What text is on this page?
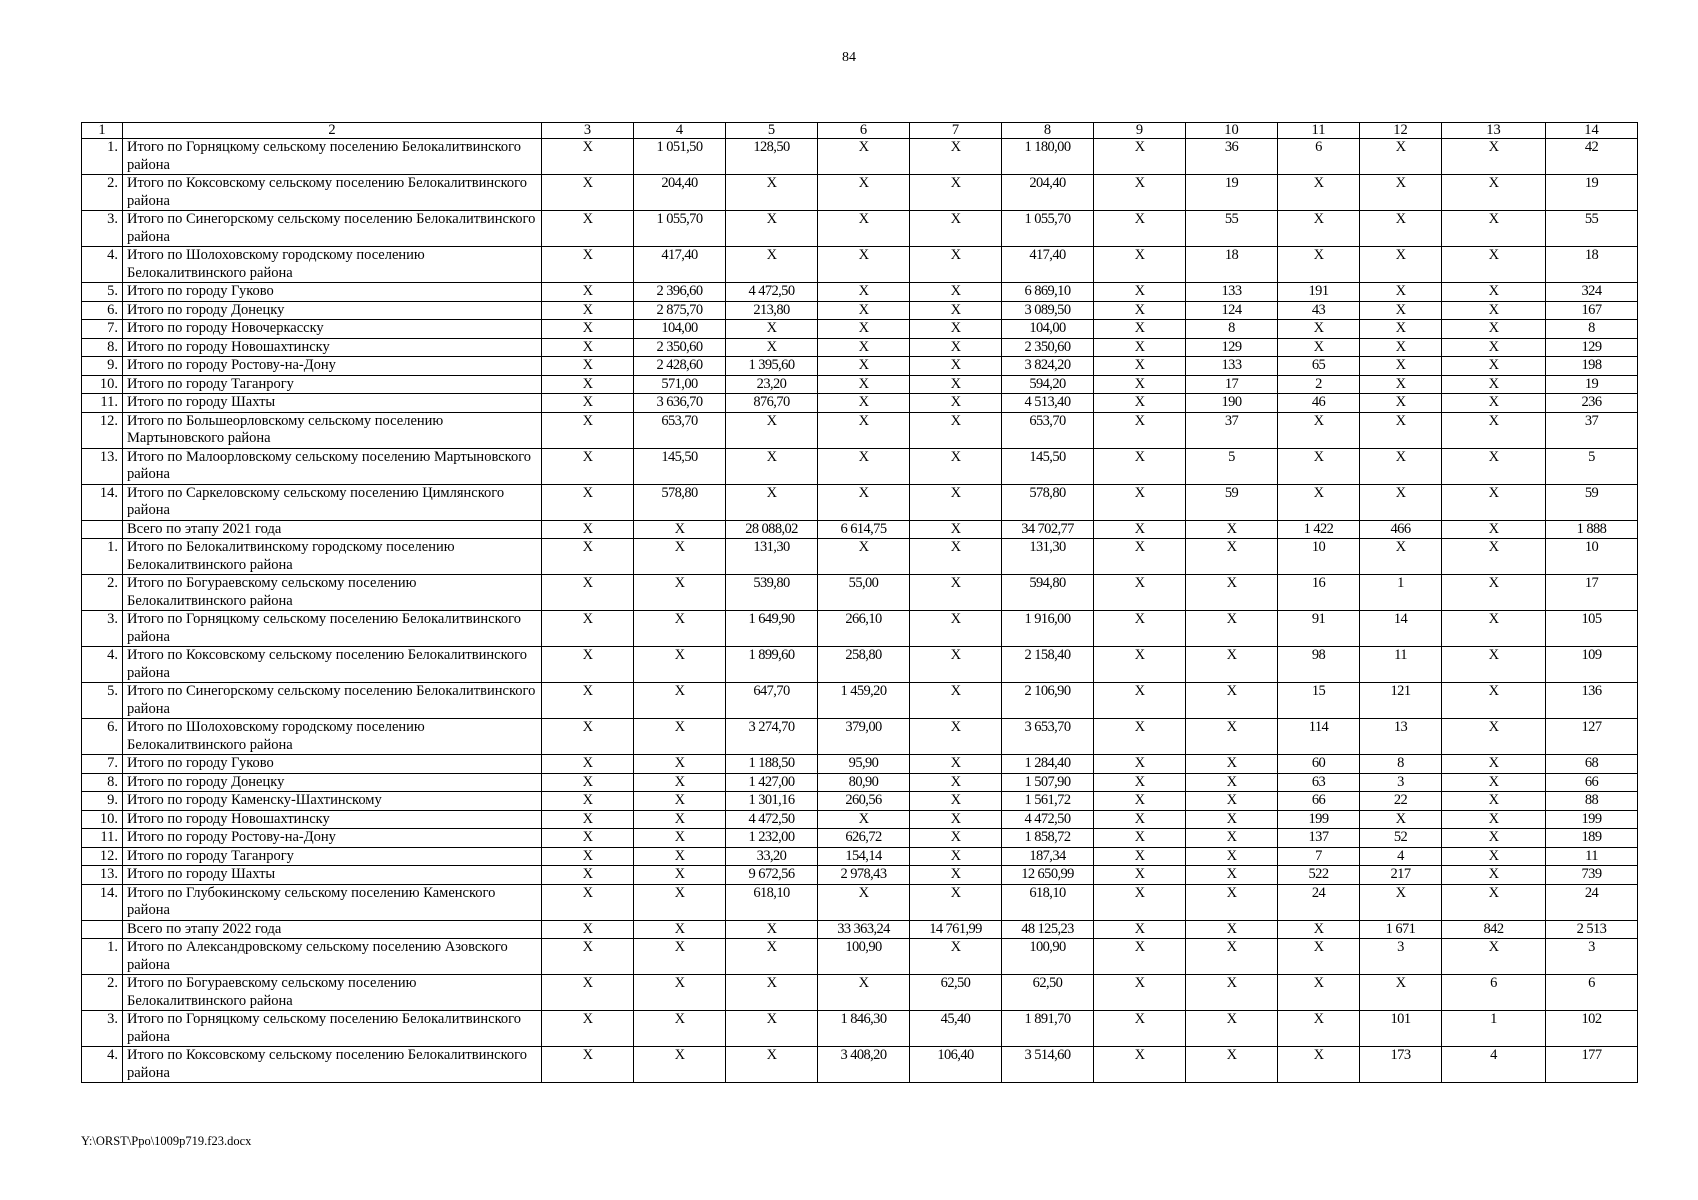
84
1	2	3	4	5	6	7	8	9	10	11	12	13	14
1.	Итого по Горняцкому сельскому поселению Белокалитвинского района	X	1 051,50	128,50	X	X	1 180,00	X	36	6	X	X	42
2.	Итого по Коксовскому сельскому поселению Белокалитвинского района	X	204,40	X	X	X	204,40	X	19	X	X	X	19
3.	Итого по Синегорскому сельскому поселению Белокалитвинского района	X	1 055,70	X	X	X	1 055,70	X	55	X	X	X	55
4.	Итого по Шолоховскому городскому поселению Белокалитвинского района	X	417,40	X	X	X	417,40	X	18	X	X	X	18
5.	Итого по городу Гуково	X	2 396,60	4 472,50	X	X	6 869,10	X	133	191	X	X	324
6.	Итого по городу Донецку	X	2 875,70	213,80	X	X	3 089,50	X	124	43	X	X	167
7.	Итого по городу Новочеркасску	X	104,00	X	X	X	104,00	X	8	X	X	X	8
8.	Итого по городу Новошахтинску	X	2 350,60	X	X	X	2 350,60	X	129	X	X	X	129
9.	Итого по городу Ростову-на-Дону	X	2 428,60	1 395,60	X	X	3 824,20	X	133	65	X	X	198
10.	Итого по городу Таганрогу	X	571,00	23,20	X	X	594,20	X	17	2	X	X	19
11.	Итого по городу Шахты	X	3 636,70	876,70	X	X	4 513,40	X	190	46	X	X	236
12.	Итого по Большеорловскому сельскому поселению Мартыновского района	X	653,70	X	X	X	653,70	X	37	X	X	X	37
13.	Итого по Малоорловскому сельскому поселению Мартыновского района	X	145,50	X	X	X	145,50	X	5	X	X	X	5
14.	Итого по Саркеловскому сельскому поселению Цимлянского района	X	578,80	X	X	X	578,80	X	59	X	X	X	59
	Всего по этапу 2021 года	X	X	28 088,02	6 614,75	X	34 702,77	X	X	1 422	466	X	1 888
1.	Итого по Белокалитвинскому городскому поселению Белокалитвинского района	X	X	131,30	X	X	131,30	X	X	10	X	X	10
2.	Итого по Богураевскому сельскому поселению Белокалитвинского района	X	X	539,80	55,00	X	594,80	X	X	16	1	X	17
3.	Итого по Горняцкому сельскому поселению Белокалитвинского района	X	X	1 649,90	266,10	X	1 916,00	X	X	91	14	X	105
4.	Итого по Коксовскому сельскому поселению Белокалитвинского района	X	X	1 899,60	258,80	X	2 158,40	X	X	98	11	X	109
5.	Итого по Синегорскому сельскому поселению Белокалитвинского района	X	X	647,70	1 459,20	X	2 106,90	X	X	15	121	X	136
6.	Итого по Шолоховскому городскому поселению Белокалитвинского района	X	X	3 274,70	379,00	X	3 653,70	X	X	114	13	X	127
7.	Итого по городу Гуково	X	X	1 188,50	95,90	X	1 284,40	X	X	60	8	X	68
8.	Итого по городу Донецку	X	X	1 427,00	80,90	X	1 507,90	X	X	63	3	X	66
9.	Итого по городу Каменску-Шахтинскому	X	X	1 301,16	260,56	X	1 561,72	X	X	66	22	X	88
10.	Итого по городу Новошахтинску	X	X	4 472,50	X	X	4 472,50	X	X	199	X	X	199
11.	Итого по городу Ростову-на-Дону	X	X	1 232,00	626,72	X	1 858,72	X	X	137	52	X	189
12.	Итого по городу Таганрогу	X	X	33,20	154,14	X	187,34	X	X	7	4	X	11
13.	Итого по городу Шахты	X	X	9 672,56	2 978,43	X	12 650,99	X	X	522	217	X	739
14.	Итого по Глубокинскому сельскому поселению Каменского района	X	X	618,10	X	X	618,10	X	X	24	X	X	24
	Всего по этапу 2022 года	X	X	X	33 363,24	14 761,99	48 125,23	X	X	X	1 671	842	2 513
1.	Итого по Александровскому сельскому поселению Азовского района	X	X	X	100,90	X	100,90	X	X	X	3	X	3
2.	Итого по Богураевскому сельскому поселению Белокалитвинского района	X	X	X	X	62,50	62,50	X	X	X	X	6	6
3.	Итого по Горняцкому сельскому поселению Белокалитвинского района	X	X	X	1 846,30	45,40	1 891,70	X	X	X	101	1	102
4.	Итого по Коксовскому сельскому поселению Белокалитвинского района	X	X	X	3 408,20	106,40	3 514,60	X	X	X	173	4	177
Y:\ORST\Ppo\1009p719.f23.docx
